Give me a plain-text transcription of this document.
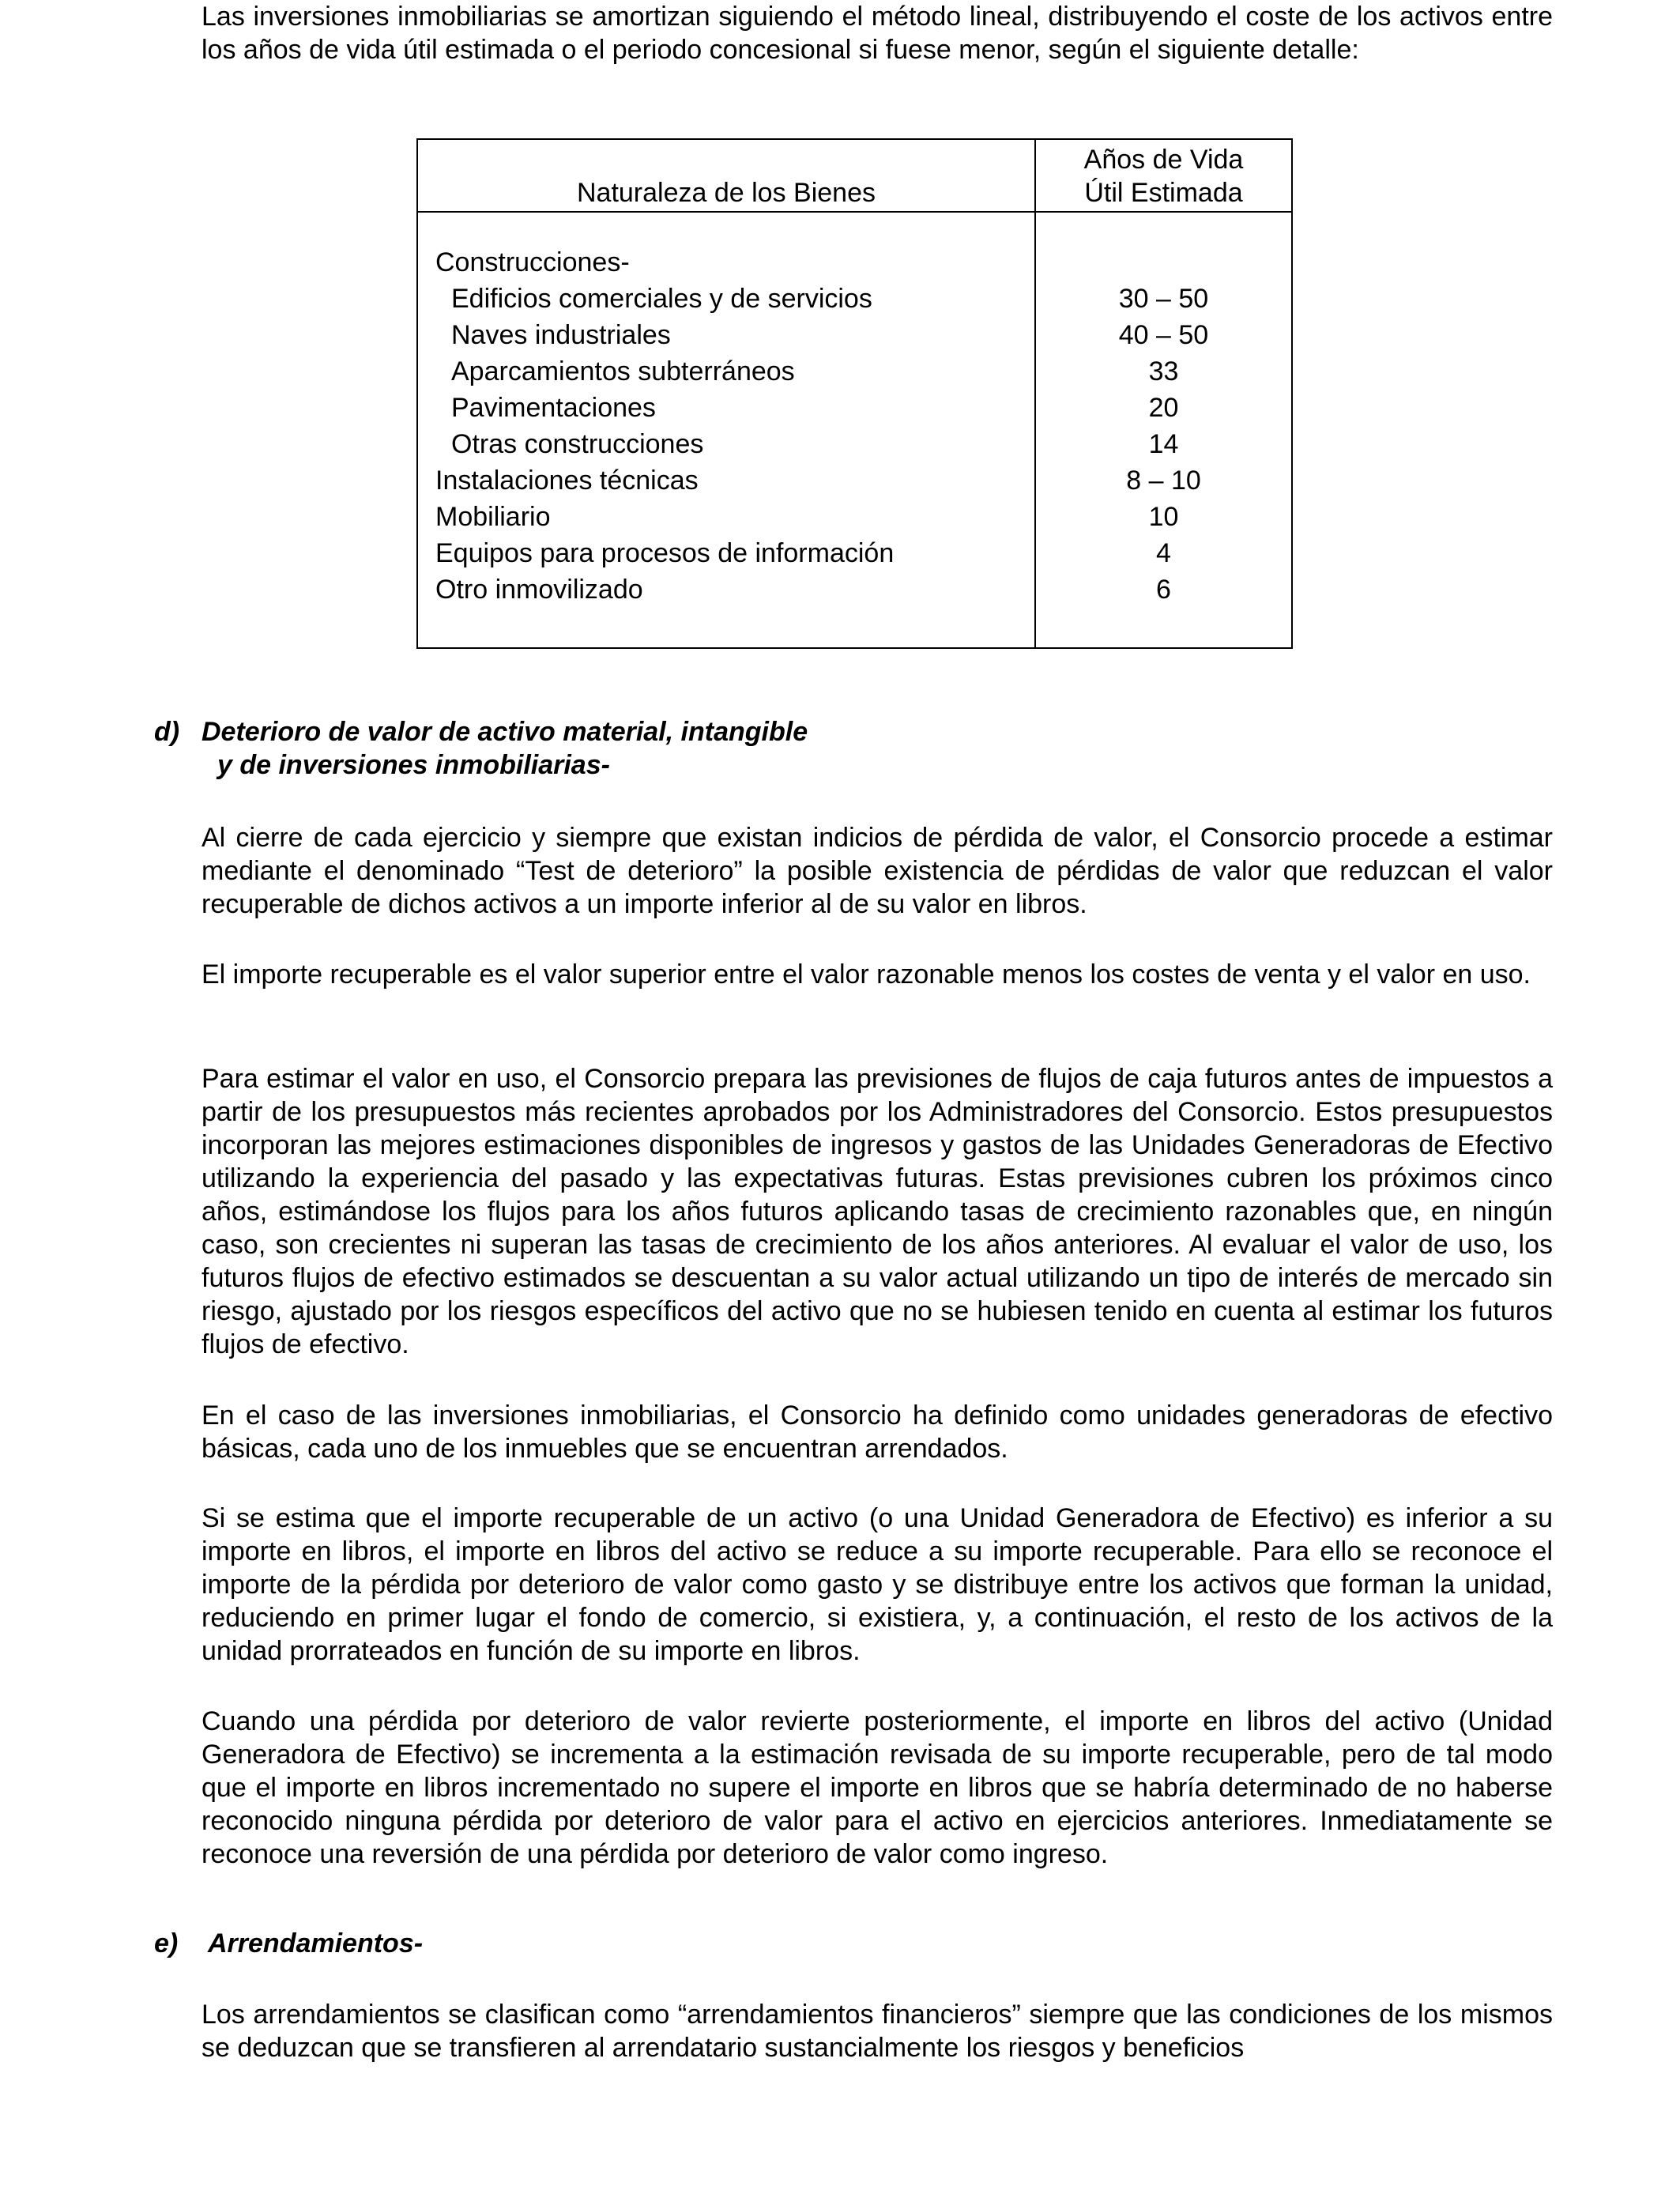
Las inversiones inmobiliarias se amortizan siguiendo el método lineal, distribuyendo el coste de los activos entre los años de vida útil estimada o el periodo concesional si fuese menor, según el siguiente detalle:

Naturaleza de los Bienes	Años de Vida
Útil Estimada

Construcciones-	
Edificios comerciales y de servicios	30 – 50
Naves industriales	40 – 50
Aparcamientos subterráneos	33
Pavimentaciones	20
Otras construcciones	14
Instalaciones técnicas	8 – 10
Mobiliario	10
Equipos para procesos de información	4
Otro inmovilizado	6

d) Deterioro de valor de activo material, intangible
y de inversiones inmobiliarias-

Al cierre de cada ejercicio y siempre que existan indicios de pérdida de valor, el Consorcio procede a estimar mediante el denominado “Test de deterioro” la posible existencia de pérdidas de valor que reduzcan el valor recuperable de dichos activos a un importe inferior al de su valor en libros.

El importe recuperable es el valor superior entre el valor razonable menos los costes de venta y el valor en uso.

Para estimar el valor en uso, el Consorcio prepara las previsiones de flujos de caja futuros antes de impuestos a partir de los presupuestos más recientes aprobados por los Administradores del Consorcio. Estos presupuestos incorporan las mejores estimaciones disponibles de ingresos y gastos de las Unidades Generadoras de Efectivo utilizando la experiencia del pasado y las expectativas futuras. Estas previsiones cubren los próximos cinco años, estimándose los flujos para los años futuros aplicando tasas de crecimiento razonables que, en ningún caso, son crecientes ni superan las tasas de crecimiento de los años anteriores. Al evaluar el valor de uso, los futuros flujos de efectivo estimados se descuentan a su valor actual utilizando un tipo de interés de mercado sin riesgo, ajustado por los riesgos específicos del activo que no se hubiesen tenido en cuenta al estimar los futuros flujos de efectivo.

En el caso de las inversiones inmobiliarias, el Consorcio ha definido como unidades generadoras de efectivo básicas, cada uno de los inmuebles que se encuentran arrendados.

Si se estima que el importe recuperable de un activo (o una Unidad Generadora de Efectivo) es inferior a su importe en libros, el importe en libros del activo se reduce a su importe recuperable. Para ello se reconoce el importe de la pérdida por deterioro de valor como gasto y se distribuye entre los activos que forman la unidad, reduciendo en primer lugar el fondo de comercio, si existiera, y, a continuación, el resto de los activos de la unidad prorrateados en función de su importe en libros.

Cuando una pérdida por deterioro de valor revierte posteriormente, el importe en libros del activo (Unidad Generadora de Efectivo) se incrementa a la estimación revisada de su importe recuperable, pero de tal modo que el importe en libros incrementado no supere el importe en libros que se habría determinado de no haberse reconocido ninguna pérdida por deterioro de valor para el activo en ejercicios anteriores. Inmediatamente se reconoce una reversión de una pérdida por deterioro de valor como ingreso.

e) Arrendamientos-

Los arrendamientos se clasifican como “arrendamientos financieros” siempre que las condiciones de los mismos se deduzcan que se transfieren al arrendatario sustancialmente los riesgos y beneficios
